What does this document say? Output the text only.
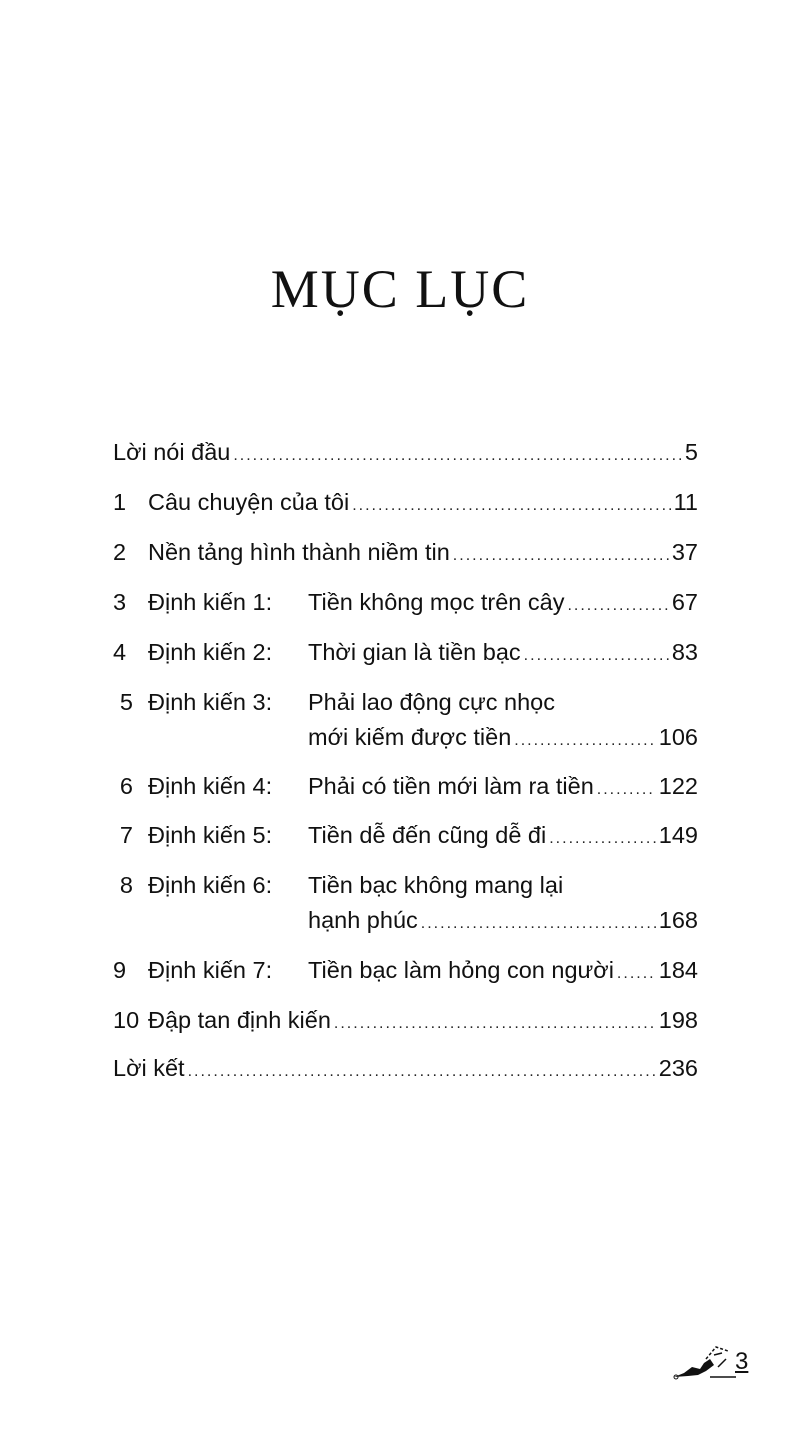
MỤC LỤC
Lời nói đầu .....	5
1 Câu chuyện của tôi .....	11
2 Nền tảng hình thành niềm tin .....	37
3 Định kiến 1:	Tiền không mọc trên cây .....	67
4 Định kiến 2:	Thời gian là tiền bạc .....	83
5 Định kiến 3:	Phải lao động cực nhọc
mới kiếm được tiền .....	106
6 Định kiến 4:	Phải có tiền mới làm ra tiền .....	122
7 Định kiến 5:	Tiền dễ đến cũng dễ đi .....	149
8 Định kiến 6:	Tiền bạc không mang lại
hạnh phúc .....	168
9 Định kiến 7:	Tiền bạc làm hỏng con người ..... 184
10 Đập tan định kiến .....	198
Lời kết .....	236
3
